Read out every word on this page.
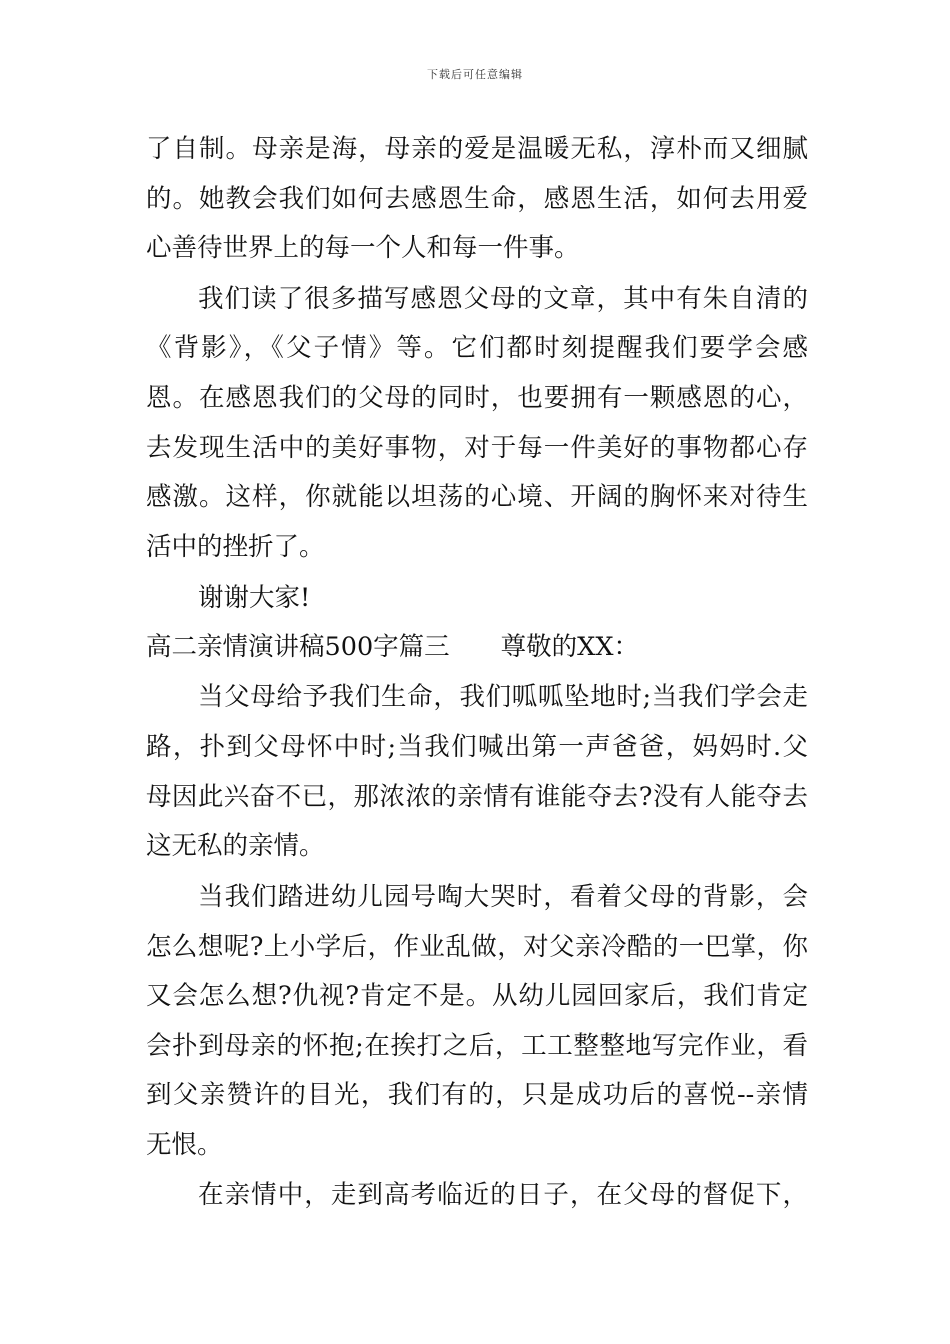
下载后可任意编辑
了自制。母亲是海，母亲的爱是温暖无私，淳朴而又细腻
的。她教会我们如何去感恩生命，感恩生活，如何去用爱
心善待世界上的每一个人和每一件事。
我们读了很多描写感恩父母的文章，其中有朱自清的
《背影》，《父子情》等。它们都时刻提醒我们要学会感
恩。在感恩我们的父母的同时，也要拥有一颗感恩的心，
去发现生活中的美好事物，对于每一件美好的事物都心存
感激。这样，你就能以坦荡的心境、开阔的胸怀来对待生
活中的挫折了。
谢谢大家!
高二亲情演讲稿500字篇三　　尊敬的XX：
当父母给予我们生命，我们呱呱坠地时;当我们学会走
路，扑到父母怀中时;当我们喊出第一声爸爸，妈妈时.父
母因此兴奋不已，那浓浓的亲情有谁能夺去?没有人能夺去
这无私的亲情。
当我们踏进幼儿园号啕大哭时，看着父母的背影，会
怎么想呢?上小学后，作业乱做，对父亲冷酷的一巴掌，你
又会怎么想?仇视?肯定不是。从幼儿园回家后，我们肯定
会扑到母亲的怀抱;在挨打之后，工工整整地写完作业，看
到父亲赞许的目光，我们有的，只是成功后的喜悦--亲情
无恨。
在亲情中，走到高考临近的日子，在父母的督促下，
